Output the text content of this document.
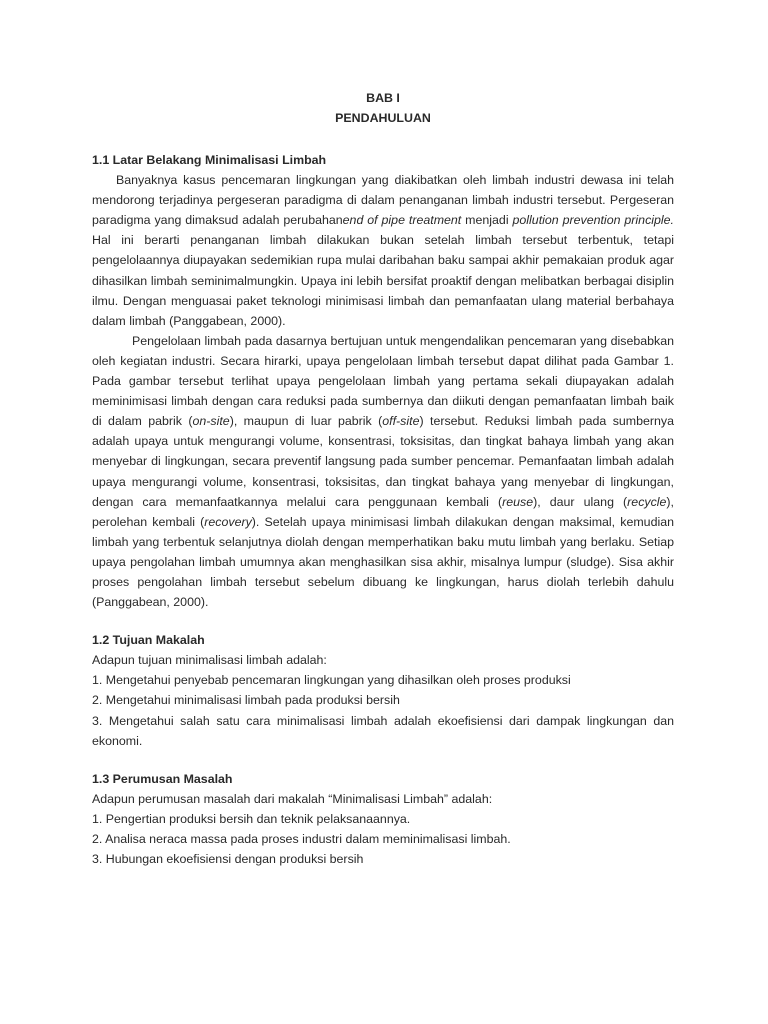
BAB I
PENDAHULUAN
1.1 Latar Belakang Minimalisasi Limbah

Banyaknya kasus pencemaran lingkungan yang diakibatkan oleh limbah industri dewasa ini telah mendorong terjadinya pergeseran paradigma di dalam penanganan limbah industri tersebut. Pergeseran paradigma yang dimaksud adalah perubahanend of pipe treatment menjadi pollution prevention principle. Hal ini berarti penanganan limbah dilakukan bukan setelah limbah tersebut terbentuk, tetapi pengelolaannya diupayakan sedemikian rupa mulai daribahan baku sampai akhir pemakaian produk agar dihasilkan limbah seminimalmungkin. Upaya ini lebih bersifat proaktif dengan melibatkan berbagai disiplin ilmu. Dengan menguasai paket teknologi minimisasi limbah dan pemanfaatan ulang material berbahaya dalam limbah (Panggabean, 2000).

Pengelolaan limbah pada dasarnya bertujuan untuk mengendalikan pencemaran yang disebabkan oleh kegiatan industri. Secara hirarki, upaya pengelolaan limbah tersebut dapat dilihat pada Gambar 1. Pada gambar tersebut terlihat upaya pengelolaan limbah yang pertama sekali diupayakan adalah meminimisasi limbah dengan cara reduksi pada sumbernya dan diikuti dengan pemanfaatan limbah baik di dalam pabrik (on-site), maupun di luar pabrik (off-site) tersebut. Reduksi limbah pada sumbernya adalah upaya untuk mengurangi volume, konsentrasi, toksisitas, dan tingkat bahaya limbah yang akan menyebar di lingkungan, secara preventif langsung pada sumber pencemar. Pemanfaatan limbah adalah upaya mengurangi volume, konsentrasi, toksisitas, dan tingkat bahaya yang menyebar di lingkungan, dengan cara memanfaatkannya melalui cara penggunaan kembali (reuse), daur ulang (recycle), perolehan kembali (recovery). Setelah upaya minimisasi limbah dilakukan dengan maksimal, kemudian limbah yang terbentuk selanjutnya diolah dengan memperhatikan baku mutu limbah yang berlaku. Setiap upaya pengolahan limbah umumnya akan menghasilkan sisa akhir, misalnya lumpur (sludge). Sisa akhir proses pengolahan limbah tersebut sebelum dibuang ke lingkungan, harus diolah terlebih dahulu (Panggabean, 2000).

1.2 Tujuan Makalah
Adapun tujuan minimalisasi limbah adalah:
1. Mengetahui penyebab pencemaran lingkungan yang dihasilkan oleh proses produksi
2. Mengetahui minimalisasi limbah pada produksi bersih
3. Mengetahui salah satu cara minimalisasi limbah adalah ekoefisiensi dari dampak lingkungan dan ekonomi.
1.3 Perumusan Masalah
Adapun perumusan masalah dari makalah “Minimalisasi Limbah” adalah:
1. Pengertian produksi bersih dan teknik pelaksanaannya.
2. Analisa neraca massa pada proses industri dalam meminimalisasi limbah.
3. Hubungan ekoefisiensi dengan produksi bersih
